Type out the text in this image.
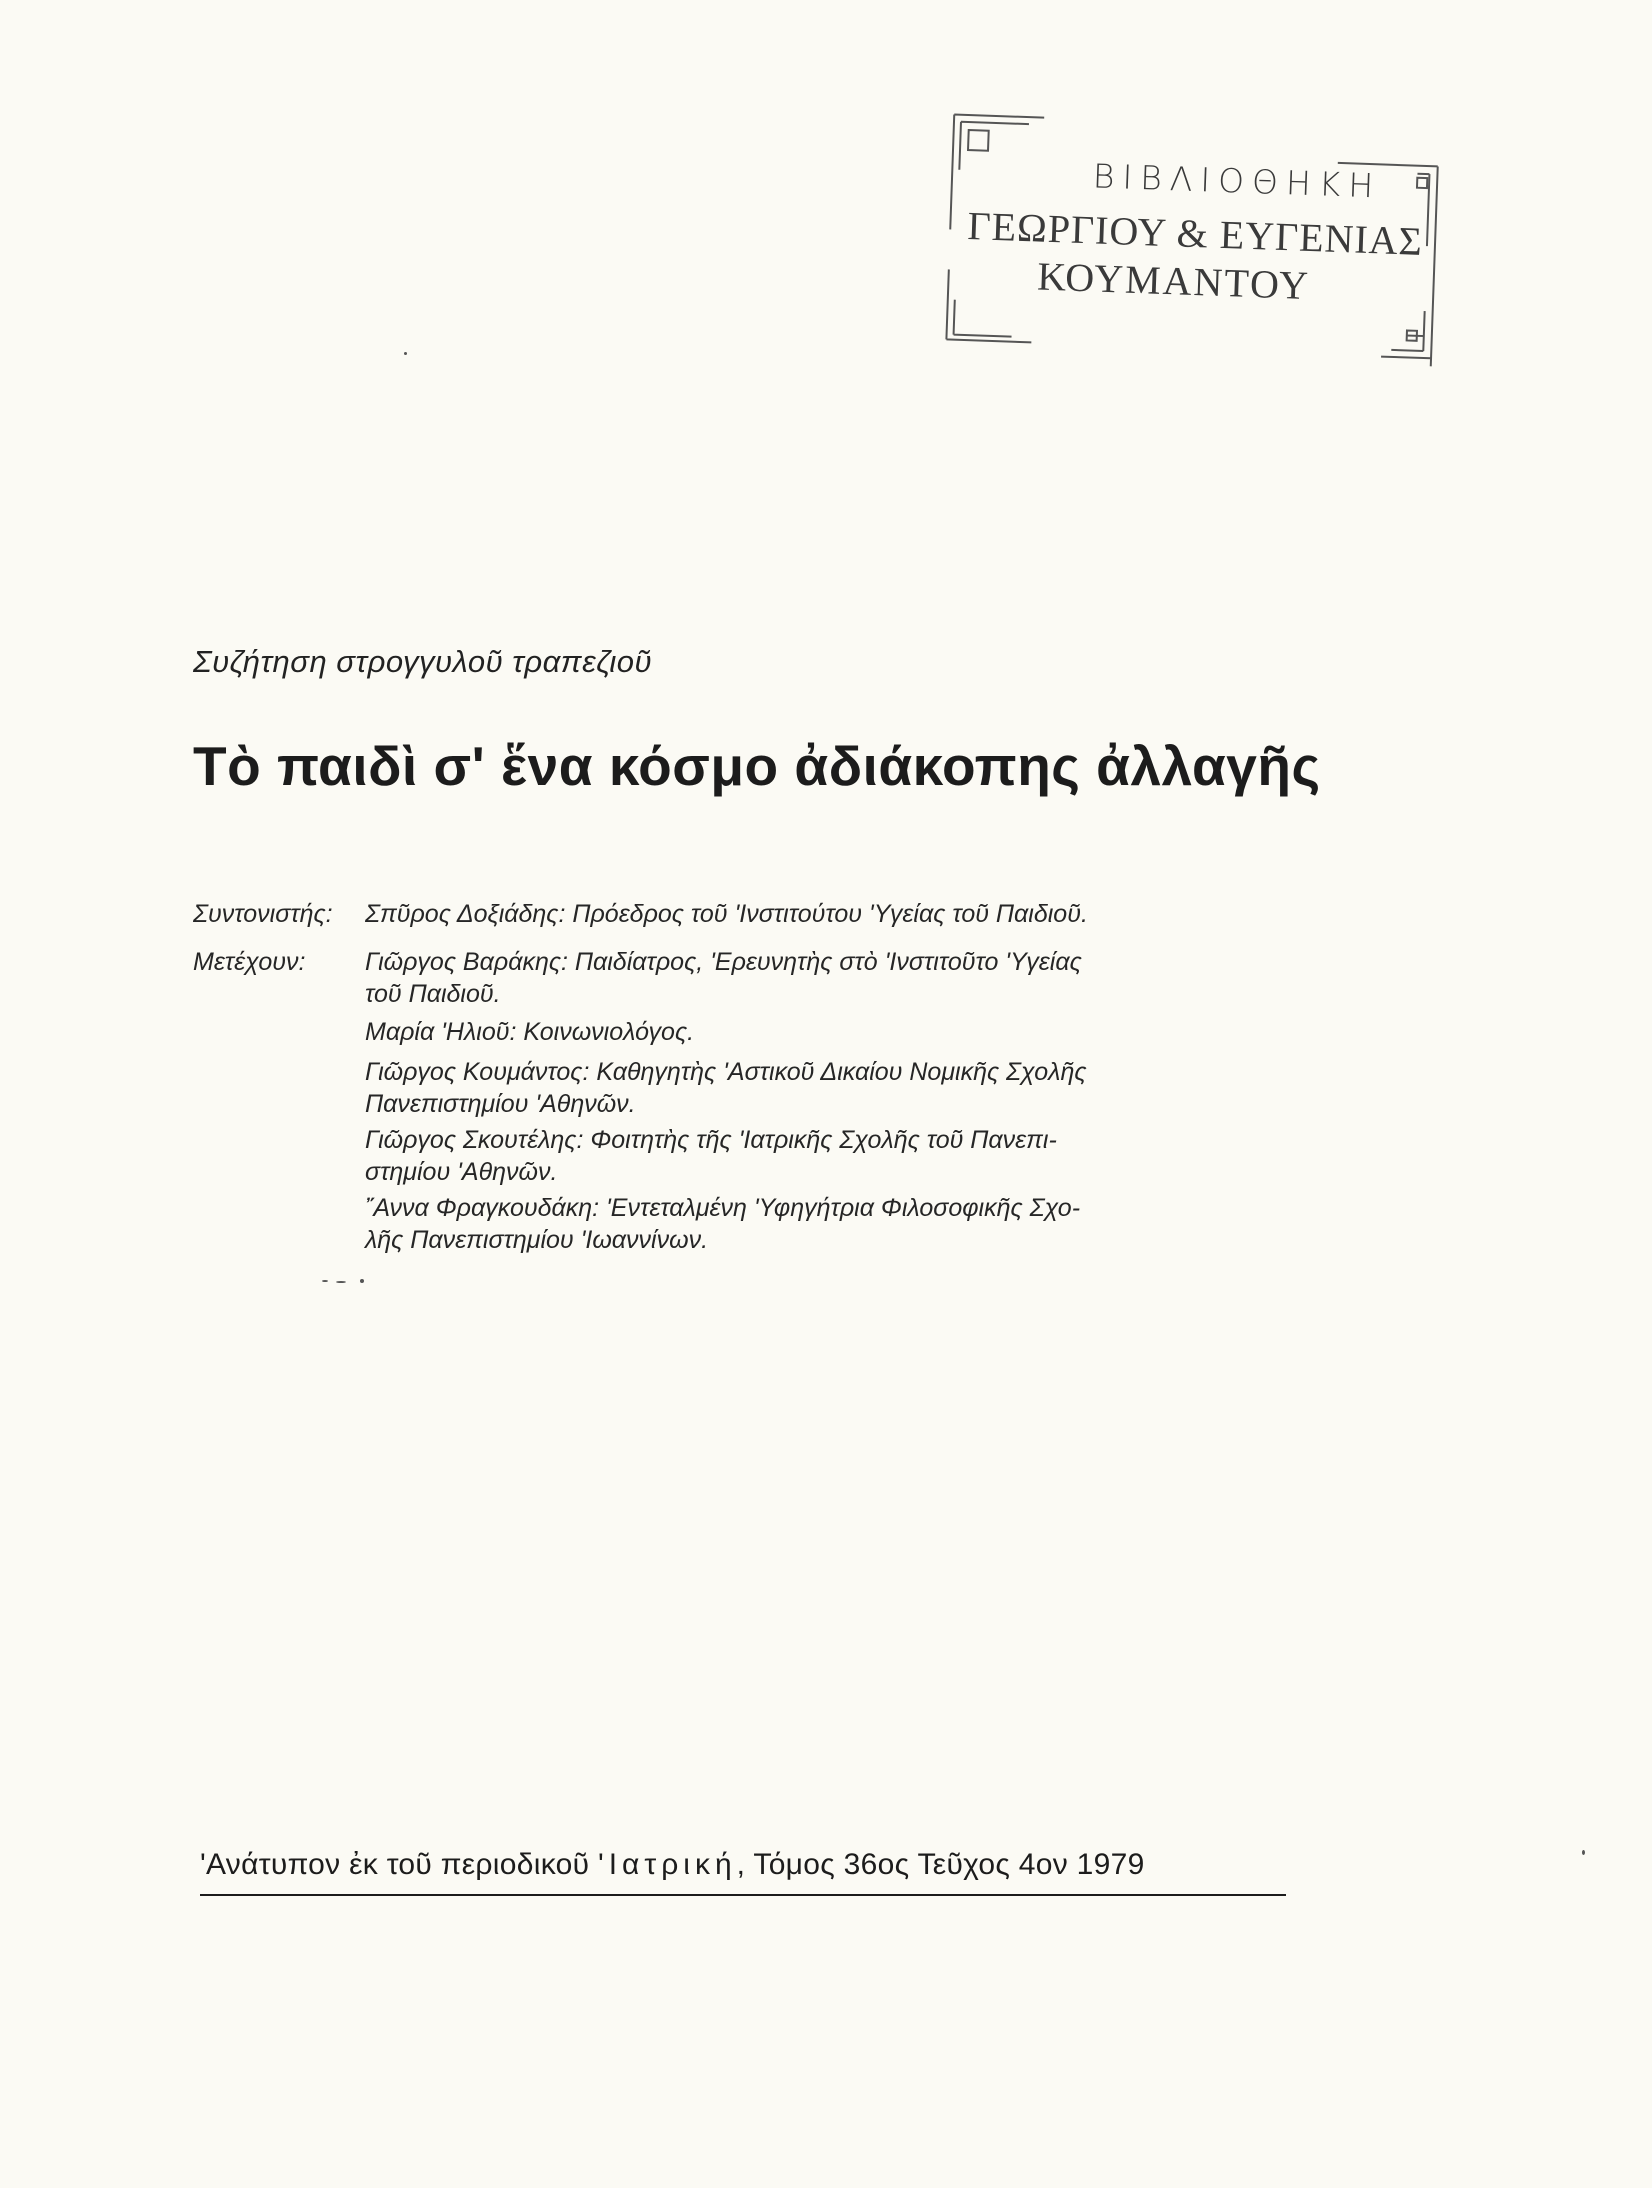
ΒΙΒΛΙΟΘΗΚΗ
ΓΕΩΡΓΙΟΥ & ΕΥΓΕΝΙΑΣ
ΚΟΥΜΑΝΤΟΥ
Συζήτηση στρογγυλοῦ τραπεζιοῦ
Τὸ παιδὶ σ' ἕνα κόσμο ἀδιάκοπης ἀλλαγῆς
Συντονιστής: Σπῦρος Δοξιάδης: Πρόεδρος τοῦ 'Ινστιτούτου 'Υγείας τοῦ Παιδιοῦ.
Μετέχουν: Γιῶργος Βαράκης: Παιδίατρος, 'Ερευνητὴς στὸ 'Ινστιτοῦτο 'Υγείας
τοῦ Παιδιοῦ.
Μαρία 'Ηλιοῦ: Κοινωνιολόγος.
Γιῶργος Κουμάντος: Καθηγητὴς 'Αστικοῦ Δικαίου Νομικῆς Σχολῆς
Πανεπιστημίου 'Αθηνῶν.
Γιῶργος Σκουτέλης: Φοιτητὴς τῆς 'Ιατρικῆς Σχολῆς τοῦ Πανεπι-
στημίου 'Αθηνῶν.
῎Αννα Φραγκουδάκη: 'Εντεταλμένη 'Υφηγήτρια Φιλοσοφικῆς Σχο-
λῆς Πανεπιστημίου 'Ιωαννίνων.
'Ανάτυπον ἐκ τοῦ περιοδικοῦ 'Ιατρική, Τόμος 36ος Τεῦχος 4ον 1979
